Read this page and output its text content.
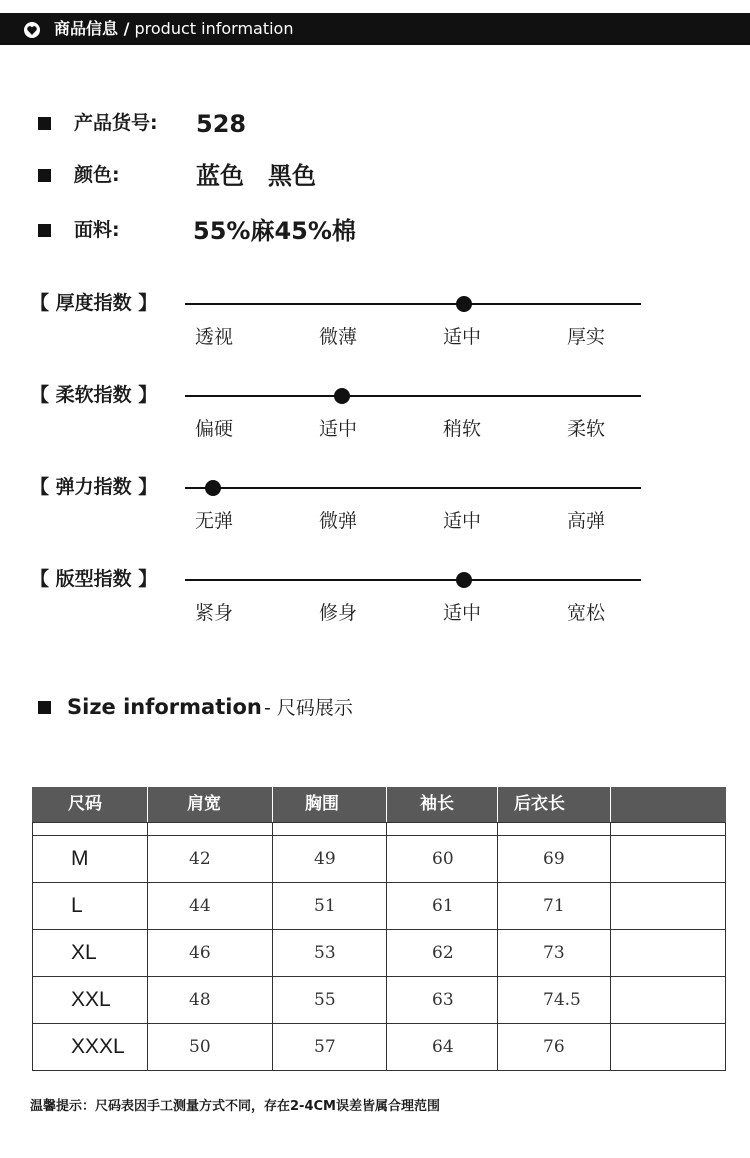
商品信息 / product information
产品货号: 528
颜色:	蓝色　黑色
面料:	55%麻45%棉
【 厚度指数 】
透视	微薄	适中	厚实
【 柔软指数 】
偏硬	适中	稍软	柔软
【 弹力指数 】
无弹	微弹	适中	高弹
【 版型指数 】
紧身	修身	适中	宽松
Size information - 尺码展示
尺码	肩宽	胸围	袖长	后衣长
M	42	49	60	69
L	44	51	61	71
XL	46	53	62	73
XXL	48	55	63	74.5
XXXL	50	57	64	76
温馨提示：尺码表因手工测量方式不同，存在2-4CM误差皆属合理范围
